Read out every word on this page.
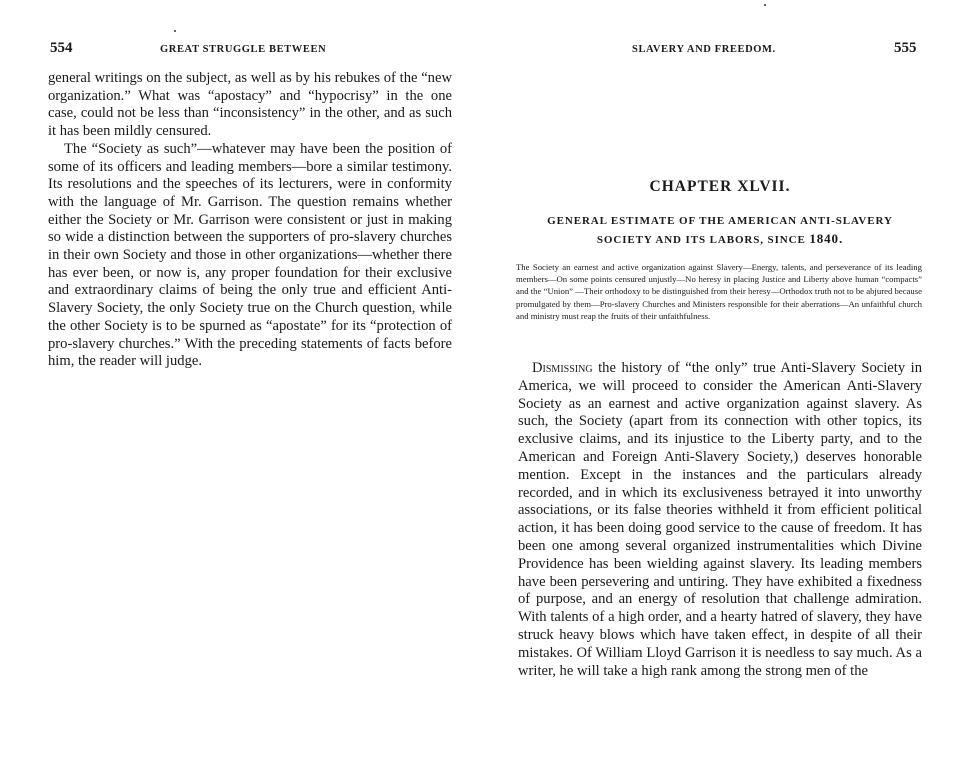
554	GREAT STRUGGLE BETWEEN

general writings on the subject, as well as by his rebukes of the “new organization.” What was “apostacy” and “hypocrisy” in the one case, could not be less than “inconsistency” in the other, and as such it has been mildly censured.

The “Society as such”—whatever may have been the position of some of its officers and leading members—bore a similar testimony. Its resolutions and the speeches of its lecturers, were in conformity with the language of Mr. Garrison. The question remains whether either the Society or Mr. Garrison were consistent or just in making so wide a distinction between the supporters of pro-slavery churches in their own Society and those in other organizations—whether there has ever been, or now is, any proper foundation for their exclusive and extraordinary claims of being the only true and efficient Anti-Slavery Society, the only Society true on the Church question, while the other Society is to be spurned as “apostate” for its “protection of pro-slavery churches.” With the preceding statements of facts before him, the reader will judge.

SLAVERY AND FREEDOM.	555
CHAPTER XLVII.
GENERAL ESTIMATE OF THE AMERICAN ANTI-SLAVERY SOCIETY AND ITS LABORS, SINCE 1840.

The Society an earnest and active organization against Slavery—Energy, talents, and perseverance of its leading members—On some points censured unjustly—No heresy in placing Justice and Liberty above human “compacts” and the “Union” —Their orthodoxy to be distinguished from their heresy—Orthodox truth not to be abjured because promulgated by them—Pro-slavery Churches and Ministers responsible for their aberrations—An unfaithful church and ministry must reap the fruits of their unfaithfulness.

Dismissing the history of “the only” true Anti-Slavery Society in America, we will proceed to consider the American Anti-Slavery Society as an earnest and active organization against slavery. As such, the Society (apart from its connection with other topics, its exclusive claims, and its injustice to the Liberty party, and to the American and Foreign Anti-Slavery Society,) deserves honorable mention. Except in the instances and the particulars already recorded, and in which its exclusiveness betrayed it into unworthy associations, or its false theories withheld it from efficient political action, it has been doing good service to the cause of freedom. It has been one among several organized instrumentalities which Divine Providence has been wielding against slavery. Its leading members have been persevering and untiring. They have exhibited a fixedness of purpose, and an energy of resolution that challenge admiration. With talents of a high order, and a hearty hatred of slavery, they have struck heavy blows which have taken effect, in despite of all their mistakes. Of William Lloyd Garrison it is needless to say much. As a writer, he will take a high rank among the strong men of the
